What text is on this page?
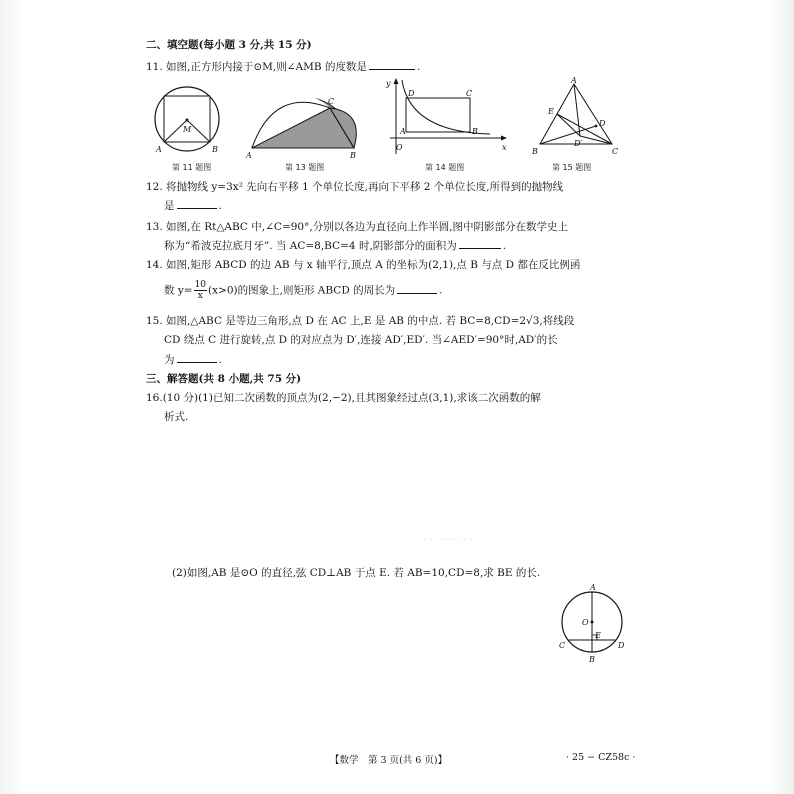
二、填空题(每小题 3 分,共 15 分)
11. 如图,正方形内接于⊙M,则∠AMB 的度数是	.
M
A	B
第 11 题图
A	B
C
第 13 题图
y
D	C
A	B
O	x
第 14 题图
A
E
D
D′
B	C
第 15 题图
12. 将抛物线 y=3x² 先向右平移 1 个单位长度,再向下平移 2 个单位长度,所得到的抛物线
是	.
13. 如图,在 Rt△ABC 中,∠C=90°,分别以各边为直径向上作半圆,图中阴影部分在数学史上
称为“希波克拉底月牙”. 当 AC=8,BC=4 时,阴影部分的面积为	.
14. 如图,矩形 ABCD 的边 AB 与 x 轴平行,顶点 A 的坐标为(2,1),点 B 与点 D 都在反比例函
数 $y= \frac{10}{x} (x>0)$的图象上,则矩形 ABCD 的周长为	.
15. 如图,△ABC 是等边三角形,点 D 在 AC 上,E 是 AB 的中点. 若 BC=8,CD=2√3,将线段
CD 绕点 C 进行旋转,点 D 的对应点为 D′,连接 AD′,ED′. 当∠AED′=90°时,AD′的长
为	.
三、解答题(共 8 小题,共 75 分)
16.(10 分)(1)已知二次函数的顶点为(2,−2),且其图象经过点(3,1),求该二次函数的解
析式.
‥ ‥ ‥ ‥ ‥ ‥
(2)如图,AB 是⊙O 的直径,弦 CD⊥AB 于点 E. 若 AB=10,CD=8,求 BE 的长.
A
O
E
C	D
B
【数学　第 3 页(共 6 页)】	· 25 − CZ58c ·
